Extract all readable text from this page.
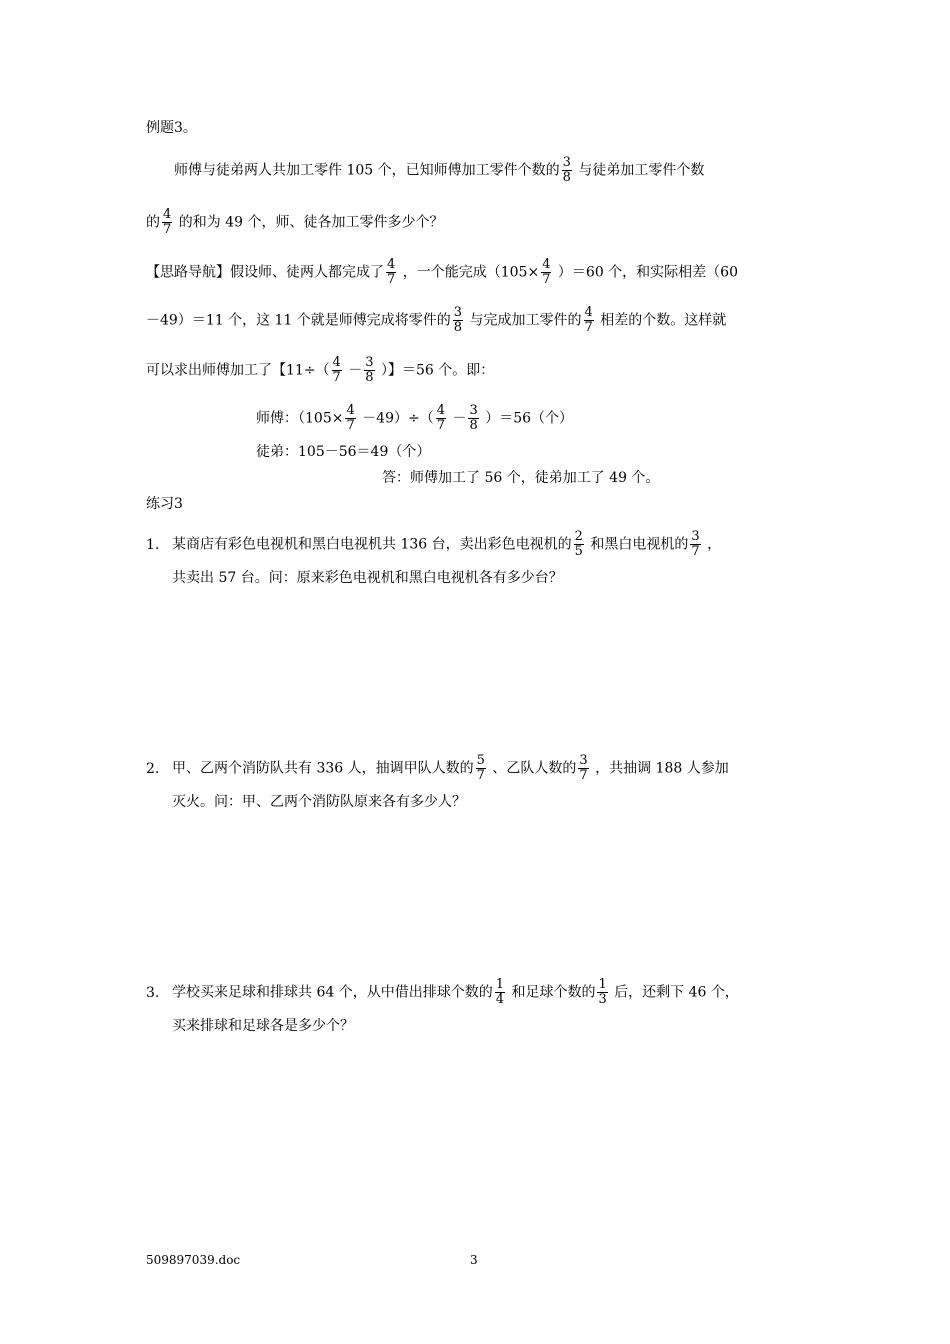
例题3。
师傅与徒弟两人共加工零件 105 个，已知师傅加工零件个数的 $\frac{3}{8}$ 与徒弟加工零件个数
的 $\frac{4}{7}$ 的和为 49 个，师、徒各加工零件多少个？
【思路导航】假设师、徒两人都完成了 $\frac{4}{7}$ ，一个能完成$(105\times \frac{4}{7} )=60$ 个，和实际相差（60
－49）＝11 个，这 11 个就是师傅完成将零件的 $\frac{3}{8}$ 与完成加工零件的 $\frac{4}{7}$ 相差的个数。这样就
可以求出师傅加工了【$11\div( \frac{4}{7} - \frac{3}{8}$ ）】＝56 个。即：
师傅：$(105\times \frac{4}{7} -49)\div( \frac{4}{7} - \frac{3}{8} )=56$（个）
徒弟：105－56＝49（个）
答：师傅加工了 56 个，徒弟加工了 49 个。
练习3
1. 某商店有彩色电视机和黑白电视机共 136 台，卖出彩色电视机的 $\frac{2}{5}$ 和黑白电视机的 $\frac{3}{7}$ ，
共卖出 57 台。问：原来彩色电视机和黑白电视机各有多少台？
2. 甲、乙两个消防队共有 336 人，抽调甲队人数的 $\frac{5}{7}$ 、乙队人数的 $\frac{3}{7}$ ，共抽调 188 人参加
灭火。问：甲、乙两个消防队原来各有多少人？
3. 学校买来足球和排球共 64 个，从中借出排球个数的 $\frac{1}{4}$ 和足球个数的 $\frac{1}{3}$ 后，还剩下 46 个，
买来排球和足球各是多少个？
509897039.doc	3
